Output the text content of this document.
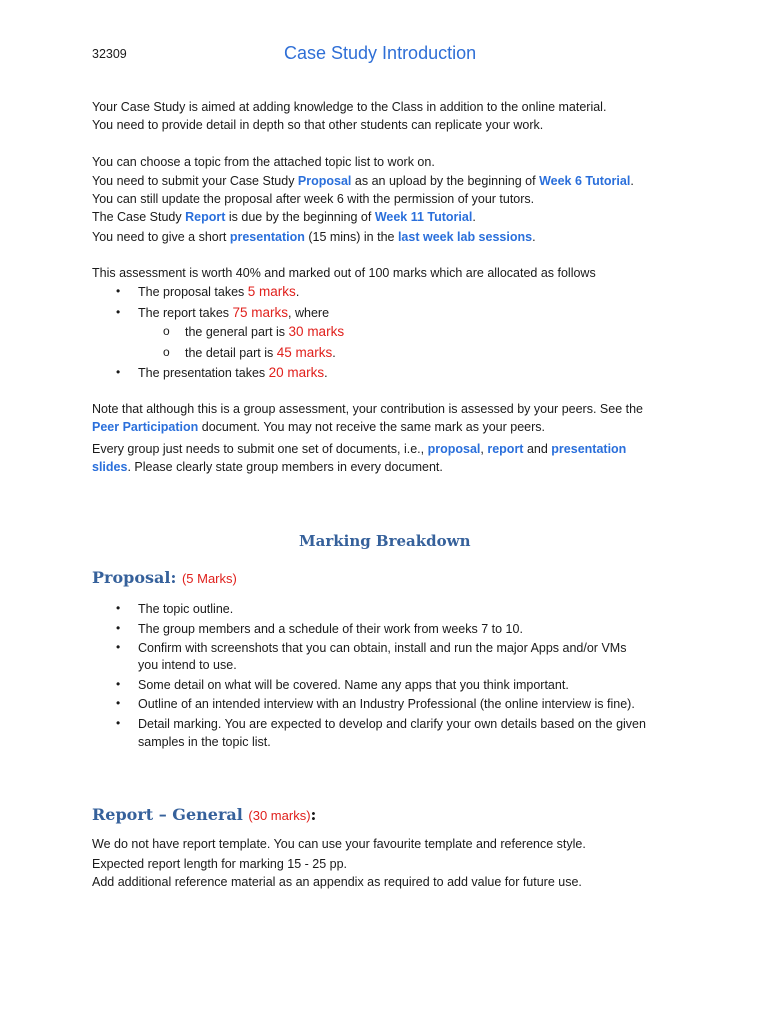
32309	Case Study Introduction
Your Case Study is aimed at adding knowledge to the Class in addition to the online material.
You need to provide detail in depth so that other students can replicate your work.
You can choose a topic from the attached topic list to work on.
You need to submit your Case Study Proposal as an upload by the beginning of Week 6 Tutorial.
You can still update the proposal after week 6 with the permission of your tutors.
The Case Study Report is due by the beginning of Week 11 Tutorial.
You need to give a short presentation (15 mins) in the last week lab sessions.
This assessment is worth 40% and marked out of 100 marks which are allocated as follows
• The proposal takes 5 marks.
• The report takes 75 marks, where
o the general part is 30 marks
o the detail part is 45 marks.
• The presentation takes 20 marks.
Note that although this is a group assessment, your contribution is assessed by your peers. See the
Peer Participation document. You may not receive the same mark as your peers.
Every group just needs to submit one set of documents, i.e., proposal, report and presentation
slides. Please clearly state group members in every document.
Marking Breakdown
Proposal: (5 Marks)
• The topic outline.
• The group members and a schedule of their work from weeks 7 to 10.
• Confirm with screenshots that you can obtain, install and run the major Apps and/or VMs
you intend to use.
• Some detail on what will be covered. Name any apps that you think important.
• Outline of an intended interview with an Industry Professional (the online interview is fine).
• Detail marking. You are expected to develop and clarify your own details based on the given
samples in the topic list.
Report – General (30 marks):
We do not have report template. You can use your favourite template and reference style.
Expected report length for marking 15 - 25 pp.
Add additional reference material as an appendix as required to add value for future use.
